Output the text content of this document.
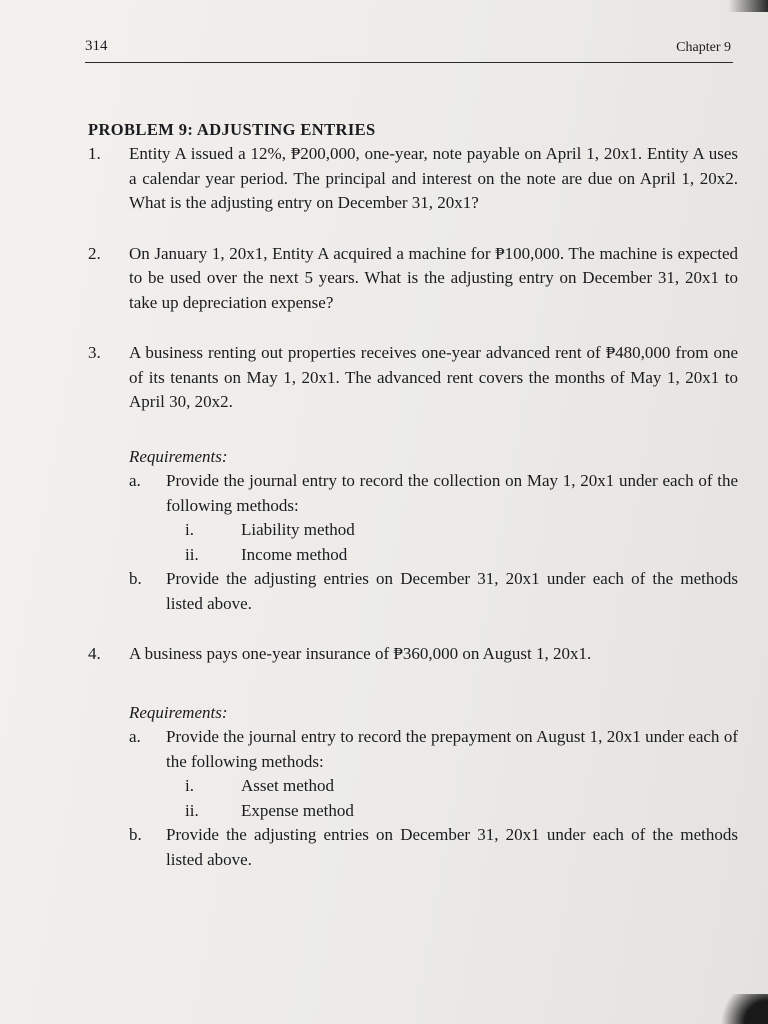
314	Chapter 9
PROBLEM 9: ADJUSTING ENTRIES
1. Entity A issued a 12%, ₱200,000, one-year, note payable on April 1, 20x1. Entity A uses a calendar year period. The principal and interest on the note are due on April 1, 20x2. What is the adjusting entry on December 31, 20x1?
2. On January 1, 20x1, Entity A acquired a machine for ₱100,000. The machine is expected to be used over the next 5 years. What is the adjusting entry on December 31, 20x1 to take up depreciation expense?
3. A business renting out properties receives one-year advanced rent of ₱480,000 from one of its tenants on May 1, 20x1. The advanced rent covers the months of May 1, 20x1 to April 30, 20x2.
Requirements:
a. Provide the journal entry to record the collection on May 1, 20x1 under each of the following methods:
i.	Liability method
ii. Income method
b. Provide the adjusting entries on December 31, 20x1 under each of the methods listed above.
4. A business pays one-year insurance of ₱360,000 on August 1, 20x1.
Requirements:
a. Provide the journal entry to record the prepayment on August 1, 20x1 under each of the following methods:
i.	Asset method
ii. Expense method
b. Provide the adjusting entries on December 31, 20x1 under each of the methods listed above.
